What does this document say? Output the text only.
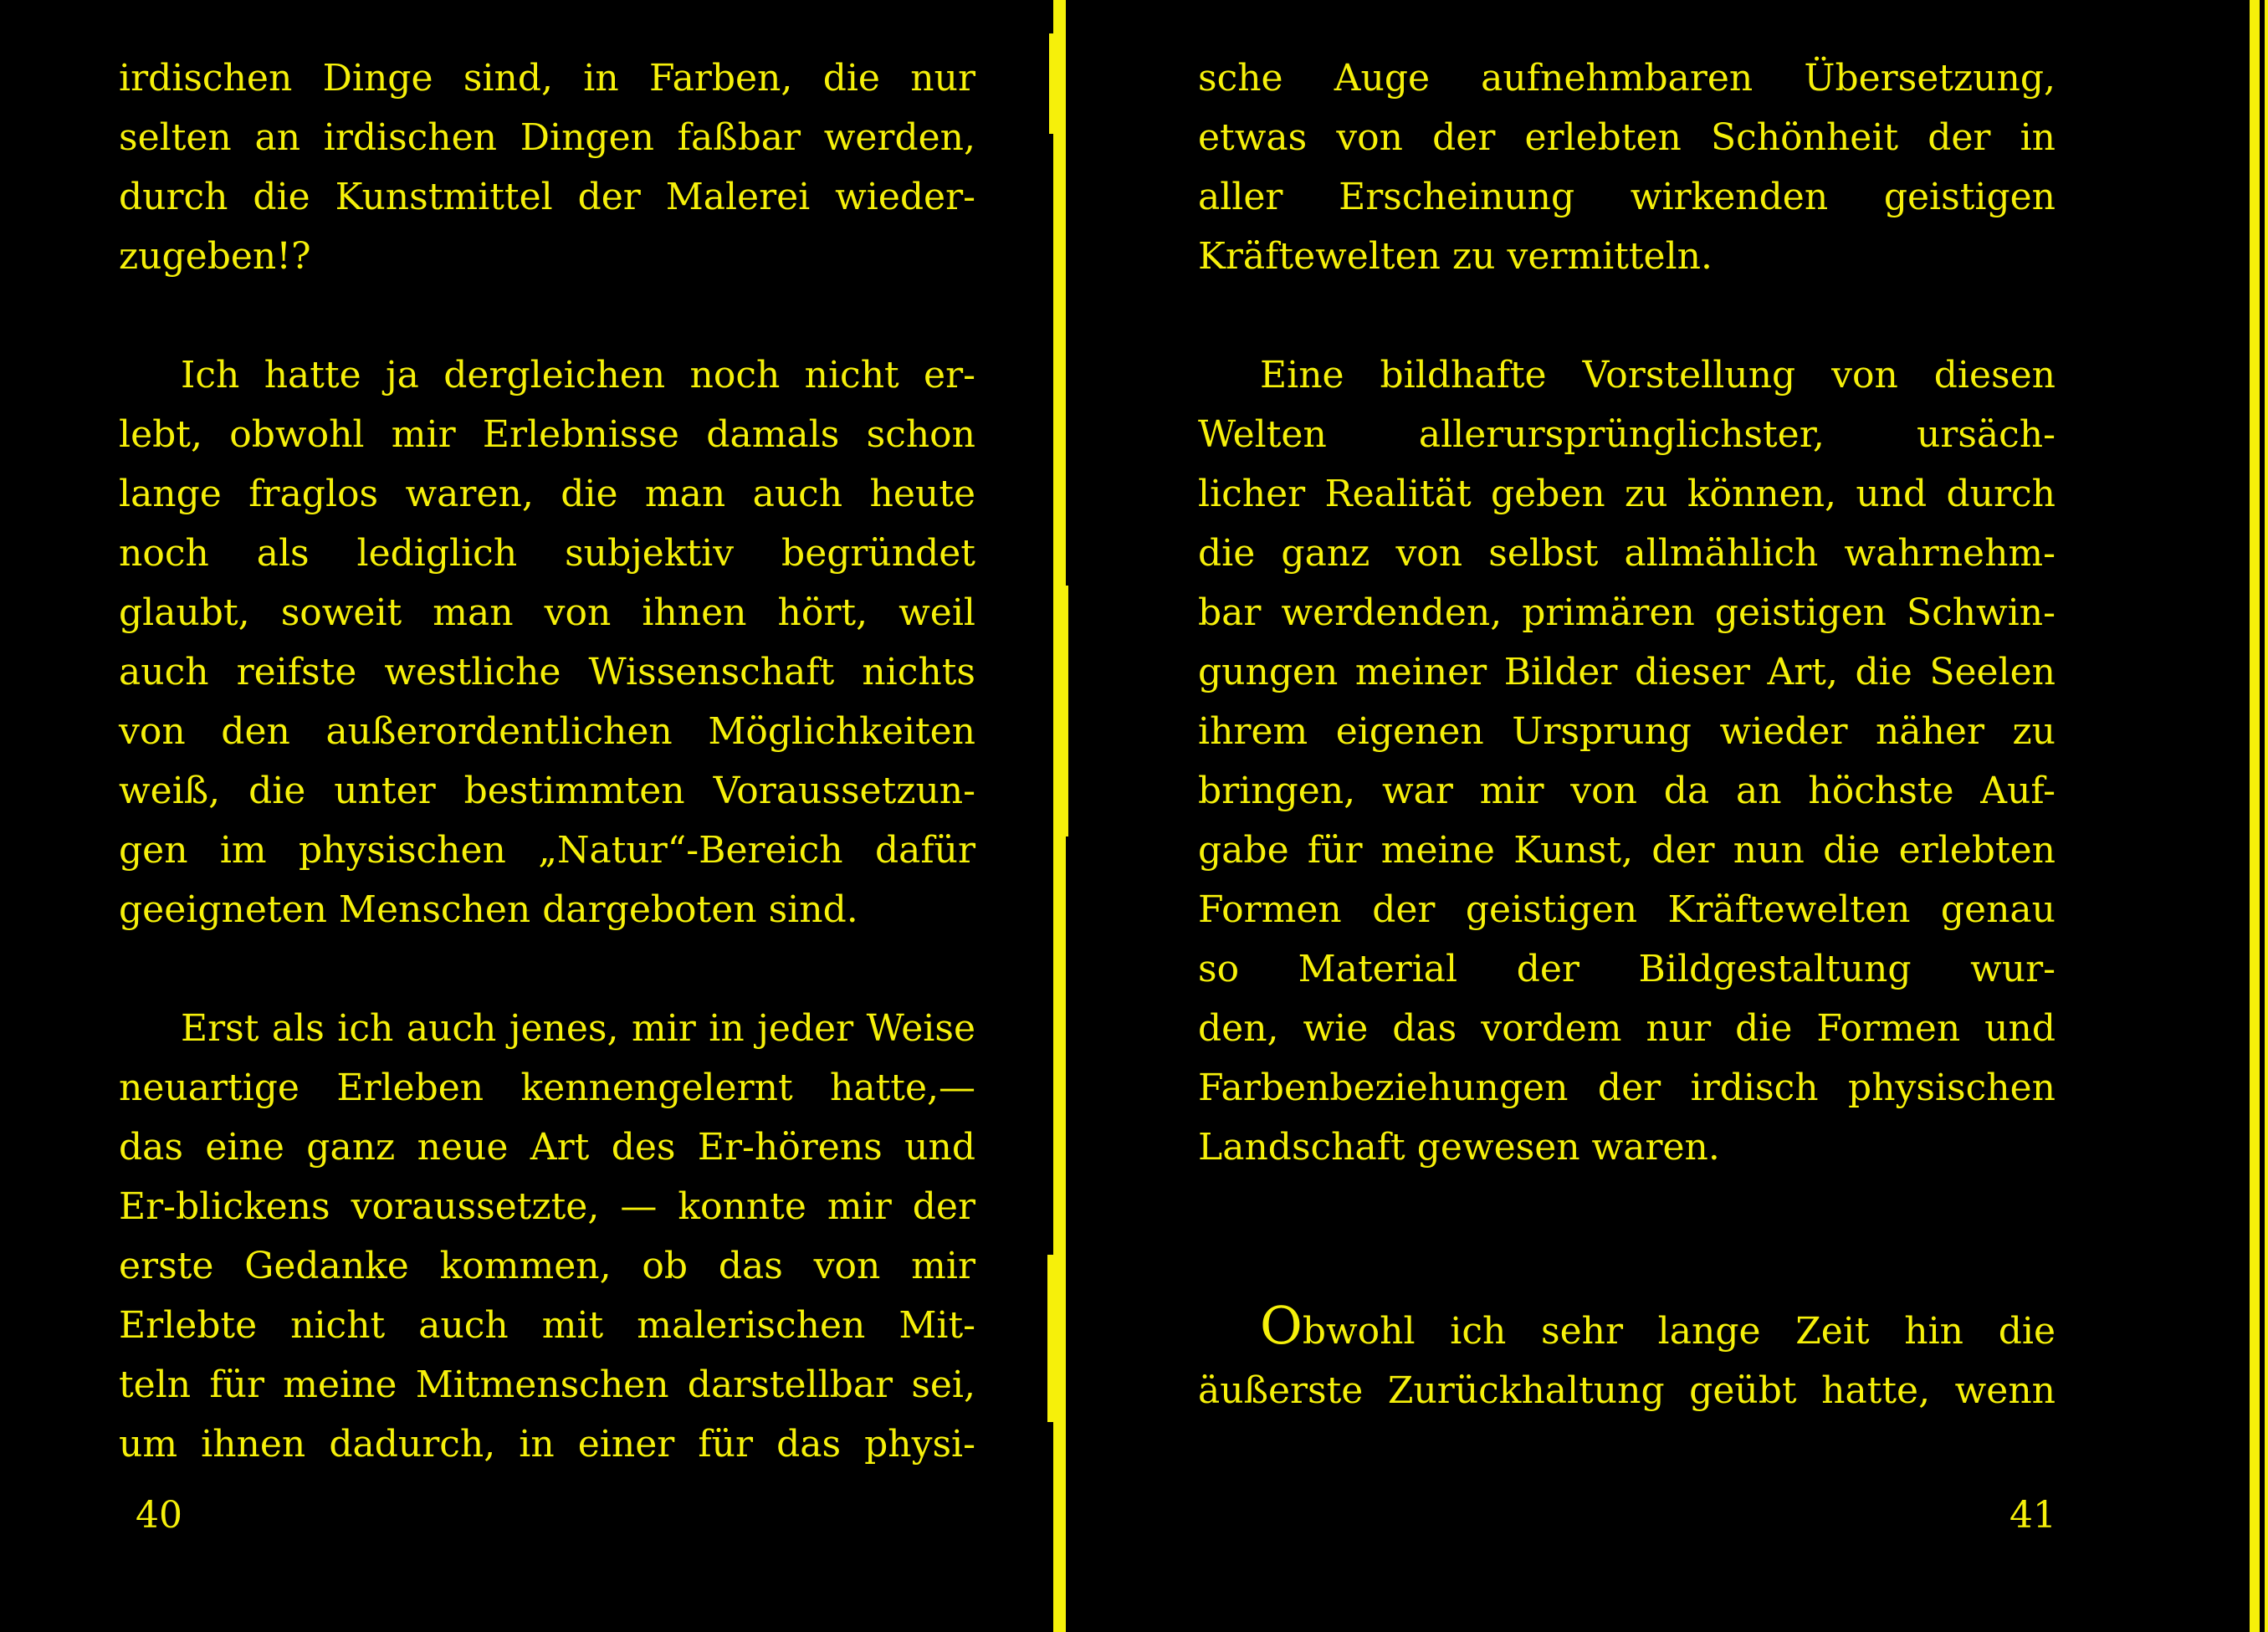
irdischen Dinge sind, in Farben, die nur
selten an irdischen Dingen faßbar werden,
durch die Kunstmittel der Malerei wieder-
zugeben!?

Ich hatte ja dergleichen noch nicht er-
lebt, obwohl mir Erlebnisse damals schon
lange fraglos waren, die man auch heute
noch als lediglich subjektiv begründet
glaubt, soweit man von ihnen hört, weil
auch reifste westliche Wissenschaft nichts
von den außerordentlichen Möglichkeiten
weiß, die unter bestimmten Voraussetzun-
gen im physischen „Natur“-Bereich dafür
geeigneten Menschen dargeboten sind.

Erst als ich auch jenes, mir in jeder Weise
neuartige Erleben kennengelernt hatte,—
das eine ganz neue Art des Er-hörens und
Er-blickens voraussetzte, — konnte mir der
erste Gedanke kommen, ob das von mir
Erlebte nicht auch mit malerischen Mit-
teln für meine Mitmenschen darstellbar sei,
um ihnen dadurch, in einer für das physi-

40

sche Auge aufnehmbaren Übersetzung,
etwas von der erlebten Schönheit der in
aller Erscheinung wirkenden geistigen
Kräftewelten zu vermitteln.

Eine bildhafte Vorstellung von diesen
Welten allerursprünglichster, ursäch-
licher Realität geben zu können, und durch
die ganz von selbst allmählich wahrnehm-
bar werdenden, primären geistigen Schwin-
gungen meiner Bilder dieser Art, die Seelen
ihrem eigenen Ursprung wieder näher zu
bringen, war mir von da an höchste Auf-
gabe für meine Kunst, der nun die erlebten
Formen der geistigen Kräftewelten genau
so Material der Bildgestaltung wur-
den, wie das vordem nur die Formen und
Farbenbeziehungen der irdisch physischen
Landschaft gewesen waren.

Obwohl ich sehr lange Zeit hin die
äußerste Zurückhaltung geübt hatte, wenn

41
